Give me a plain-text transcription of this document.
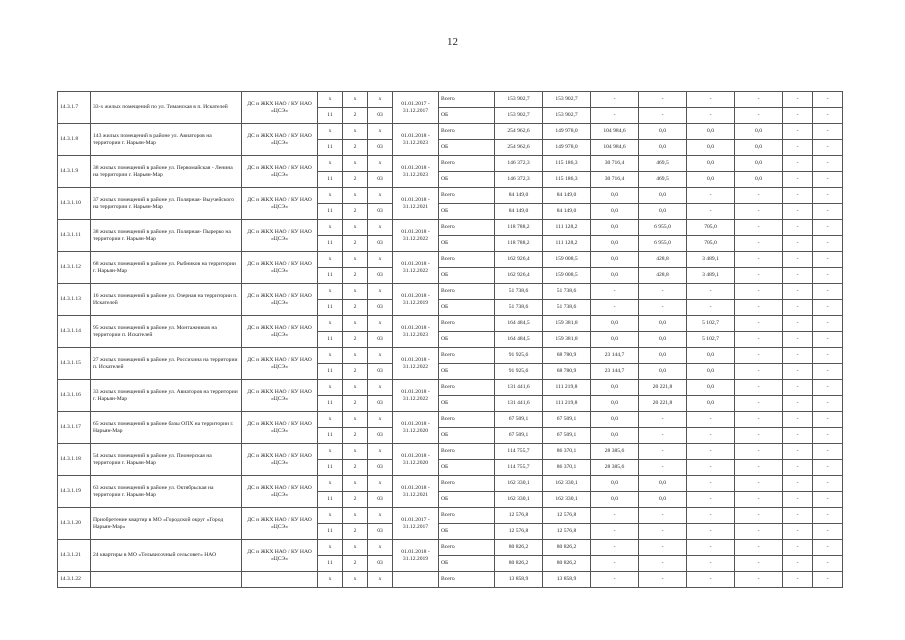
12
14.3.1.7	33-х жилых помещений по ул. Тиманская в п. Искателей	ДС и ЖКХ НАО / КУ НАО «ЦСЭ»	x	x	x	01.01.2017 - 31.12.2017	Всего	153 902,7	153 902,7	-	-	-	-	-	-
			11	2	03		ОБ	153 902,7	153 902,7	-	-	-	-	-	-
14.3.1.8	143 жилых помещений в районе ул. Авиаторов на территории г. Нарьян-Мар	ДС и ЖКХ НАО / КУ НАО «ЦСЭ»	x	x	x	01.01.2018 - 31.12.2023	Всего	254 962,6	149 978,0	104 984,6	0,0	0,0	0,0	-	-
			11	2	03		ОБ	254 962,6	149 978,0	104 984,6	0,0	0,0	0,0	-	-
14.3.1.9	38 жилых помещений в районе ул. Первомайская - Ленина на территории г. Нарьян-Мар	ДС и ЖКХ НАО / КУ НАО «ЦСЭ»	x	x	x	01.01.2018 - 31.12.2023	Всего	146 372,3	115 186,3	30 716,4	469,5	0,0	0,0	-	-
			11	2	03		ОБ	146 372,3	115 186,3	30 716,4	469,5	0,0	0,0	-	-
14.3.1.10	37 жилых помещений в районе ул. Полярная- Выучейского на территории г. Нарьян-Мар	ДС и ЖКХ НАО / КУ НАО «ЦСЭ»	x	x	x	01.01.2018 - 31.12.2021	Всего	84 149,0	84 149,0	0,0	0,0	-	-	-	-
			11	2	03		ОБ	84 149,0	84 149,0	0,0	0,0	-	-	-	-
14.3.1.11	38 жилых помещений в районе ул. Полярная- Пырерко на территории г. Нарьян-Мар	ДС и ЖКХ НАО / КУ НАО «ЦСЭ»	x	x	x	01.01.2018 - 31.12.2022	Всего	118 788,2	111 128,2	0,0	6 955,0	705,0	-	-	-
			11	2	03		ОБ	118 788,2	111 128,2	0,0	6 955,0	705,0	-	-	-
14.3.1.12	68 жилых помещений в районе ул. Рыбников на территории г. Нарьян-Мар	ДС и ЖКХ НАО / КУ НАО «ЦСЭ»	x	x	x	01.01.2018 - 31.12.2022	Всего	162 926,4	159 008,5	0,0	428,8	3 489,1	-	-	-
			11	2	03		ОБ	162 926,4	159 008,5	0,0	428,8	3 489,1	-	-	-
14.3.1.13	16 жилых помещений в районе ул. Озерная на территории п. Искателей	ДС и ЖКХ НАО / КУ НАО «ЦСЭ»	x	x	x	01.01.2018 - 31.12.2019	Всего	51 738,6	51 738,6	-	-	-	-	-	-
			11	2	03		ОБ	51 738,6	51 738,6	-	-	-	-	-	-
14.3.1.14	95 жилых помещений в районе ул. Монтажников на территории п. Искателей	ДС и ЖКХ НАО / КУ НАО «ЦСЭ»	x	x	x	01.01.2018 - 31.12.2023	Всего	164 484,5	159 381,8	0,0	0,0	5 102,7	-	-	-
			11	2	03		ОБ	164 484,5	159 381,8	0,0	0,0	5 102,7	-	-	-
14.3.1.15	27 жилых помещений в районе ул. Россихина на территории п. Искателей	ДС и ЖКХ НАО / КУ НАО «ЦСЭ»	x	x	x	01.01.2018 - 31.12.2022	Всего	91 925,6	68 780,9	23 144,7	0,0	0,0	-	-	-
			11	2	03		ОБ	91 925,6	68 780,9	23 144,7	0,0	0,0	-	-	-
14.3.1.16	33 жилых помещений в районе ул. Авиаторов на территории г. Нарьян-Мар	ДС и ЖКХ НАО / КУ НАО «ЦСЭ»	x	x	x	01.01.2018 - 31.12.2022	Всего	131 441,6	111 219,8	0,0	20 221,8	0,0	-	-	-
			11	2	03		ОБ	131 441,6	111 219,8	0,0	20 221,8	0,0	-	-	-
14.3.1.17	65 жилых помещений в районе базы ОПХ на территории г. Нарьян-Мар	ДС и ЖКХ НАО / КУ НАО «ЦСЭ»	x	x	x	01.01.2018 - 31.12.2020	Всего	67 509,1	67 509,1	0,0	-	-	-	-	-
			11	2	03		ОБ	67 509,1	67 509,1	0,0	-	-	-	-	-
14.3.1.18	54 жилых помещений в районе ул. Пионерская на территории г. Нарьян-Мар	ДС и ЖКХ НАО / КУ НАО «ЦСЭ»	x	x	x	01.01.2018 - 31.12.2020	Всего	114 755,7	86 370,1	28 385,6	-	-	-	-	-
			11	2	03		ОБ	114 755,7	86 370,1	28 385,6	-	-	-	-	-
14.3.1.19	63 жилых помещений в районе ул. Октябрьская на территории г. Нарьян-Мар	ДС и ЖКХ НАО / КУ НАО «ЦСЭ»	x	x	x	01.01.2018 - 31.12.2021	Всего	162 330,1	162 330,1	0,0	0,0	-	-	-	-
			11	2	03		ОБ	162 330,1	162 330,1	0,0	0,0	-	-	-	-
14.3.1.20	Приобретение квартир в МО «Городской округ «Город Нарьян-Мар»	ДС и ЖКХ НАО / КУ НАО «ЦСЭ»	x	x	x	01.01.2017 - 31.12.2017	Всего	12 576,8	12 576,8	-	-	-	-	-	-
			11	2	03		ОБ	12 576,8	12 576,8	-	-	-	-	-	-
14.3.1.21	24 квартиры в МО «Тельвисочный сельсовет» НАО	ДС и ЖКХ НАО / КУ НАО «ЦСЭ»	x	x	x	01.01.2018 - 31.12.2019	Всего	80 826,2	80 826,2	-	-	-	-	-	-
			11	2	03		ОБ	80 826,2	80 826,2	-	-	-	-	-	-
14.3.1.22			x	x	x		Всего	13 858,9	13 858,9	-	-	-	-	-	-
